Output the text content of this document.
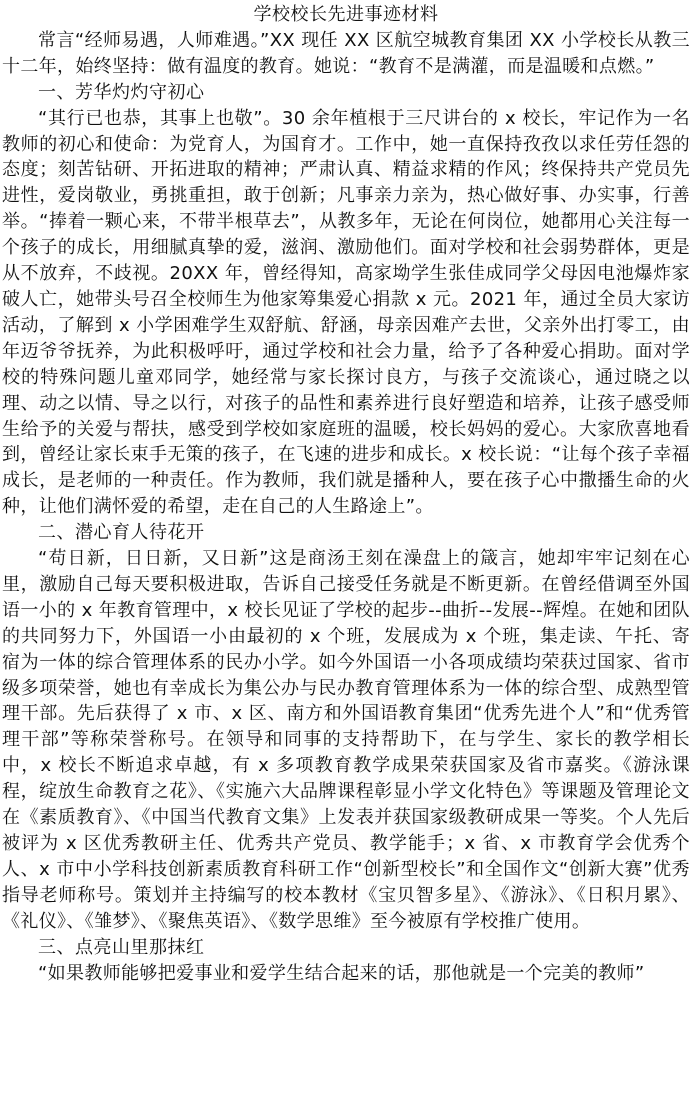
学校校长先进事迹材料

常言“经师易遇，人师难遇。”XX 现任 XX 区航空城教育集团 XX 小学校长从教三十二年，始终坚持：做有温度的教育。她说：“教育不是满灌，而是温暖和点燃。”

一、芳华灼灼守初心

“其行已也恭，其事上也敬”。30 余年植根于三尺讲台的 x 校长，牢记作为一名教师的初心和使命：为党育人，为国育才。工作中，她一直保持孜孜以求任劳任怨的态度；刻苦钻研、开拓进取的精神；严肃认真、精益求精的作风；终保持共产党员先进性，爱岗敬业，勇挑重担，敢于创新；凡事亲力亲为，热心做好事、办实事，行善举。“捧着一颗心来，不带半根草去”，从教多年，无论在何岗位，她都用心关注每一个孩子的成长，用细腻真挚的爱，滋润、激励他们。面对学校和社会弱势群体，更是从不放弃，不歧视。20XX 年，曾经得知，高家坳学生张佳成同学父母因电池爆炸家破人亡，她带头号召全校师生为他家筹集爱心捐款 x 元。2021 年，通过全员大家访活动，了解到 x 小学困难学生双舒航、舒涵，母亲因难产去世，父亲外出打零工，由年迈爷爷抚养，为此积极呼吁，通过学校和社会力量，给予了各种爱心捐助。面对学校的特殊问题儿童邓同学，她经常与家长探讨良方，与孩子交流谈心，通过晓之以理、动之以情、导之以行，对孩子的品性和素养进行良好塑造和培养，让孩子感受师生给予的关爱与帮扶，感受到学校如家庭班的温暖，校长妈妈的爱心。大家欣喜地看到，曾经让家长束手无策的孩子，在飞速的进步和成长。x 校长说：“让每个孩子幸福成长，是老师的一种责任。作为教师，我们就是播种人，要在孩子心中撒播生命的火种，让他们满怀爱的希望，走在自己的人生路途上”。

二、潜心育人待花开

“苟日新，日日新，又日新”这是商汤王刻在澡盘上的箴言，她却牢牢记刻在心里，激励自己每天要积极进取，告诉自己接受任务就是不断更新。在曾经借调至外国语一小的 x 年教育管理中，x 校长见证了学校的起步--曲折--发展--辉煌。在她和团队的共同努力下，外国语一小由最初的 x 个班，发展成为 x 个班，集走读、午托、寄宿为一体的综合管理体系的民办小学。如今外国语一小各项成绩均荣获过国家、省市级多项荣誉，她也有幸成长为集公办与民办教育管理体系为一体的综合型、成熟型管理干部。先后获得了 x 市、x 区、南方和外国语教育集团“优秀先进个人”和“优秀管理干部”等称荣誉称号。在领导和同事的支持帮助下，在与学生、家长的教学相长中，x 校长不断追求卓越，有 x 多项教育教学成果荣获国家及省市嘉奖。《游泳课程，绽放生命教育之花》、《实施六大品牌课程彰显小学文化特色》等课题及管理论文在《素质教育》、《中国当代教育文集》上发表并获国家级教研成果一等奖。个人先后被评为 x 区优秀教研主任、优秀共产党员、教学能手；x 省、x 市教育学会优秀个人、x 市中小学科技创新素质教育科研工作“创新型校长”和全国作文“创新大赛”优秀指导老师称号。策划并主持编写的校本教材《宝贝智多星》、《游泳》、《日积月累》、《礼仪》、《雏梦》、《聚焦英语》、《数学思维》至今被原有学校推广使用。

三、点亮山里那抹红

“如果教师能够把爱事业和爱学生结合起来的话，那他就是一个完美的教师”
